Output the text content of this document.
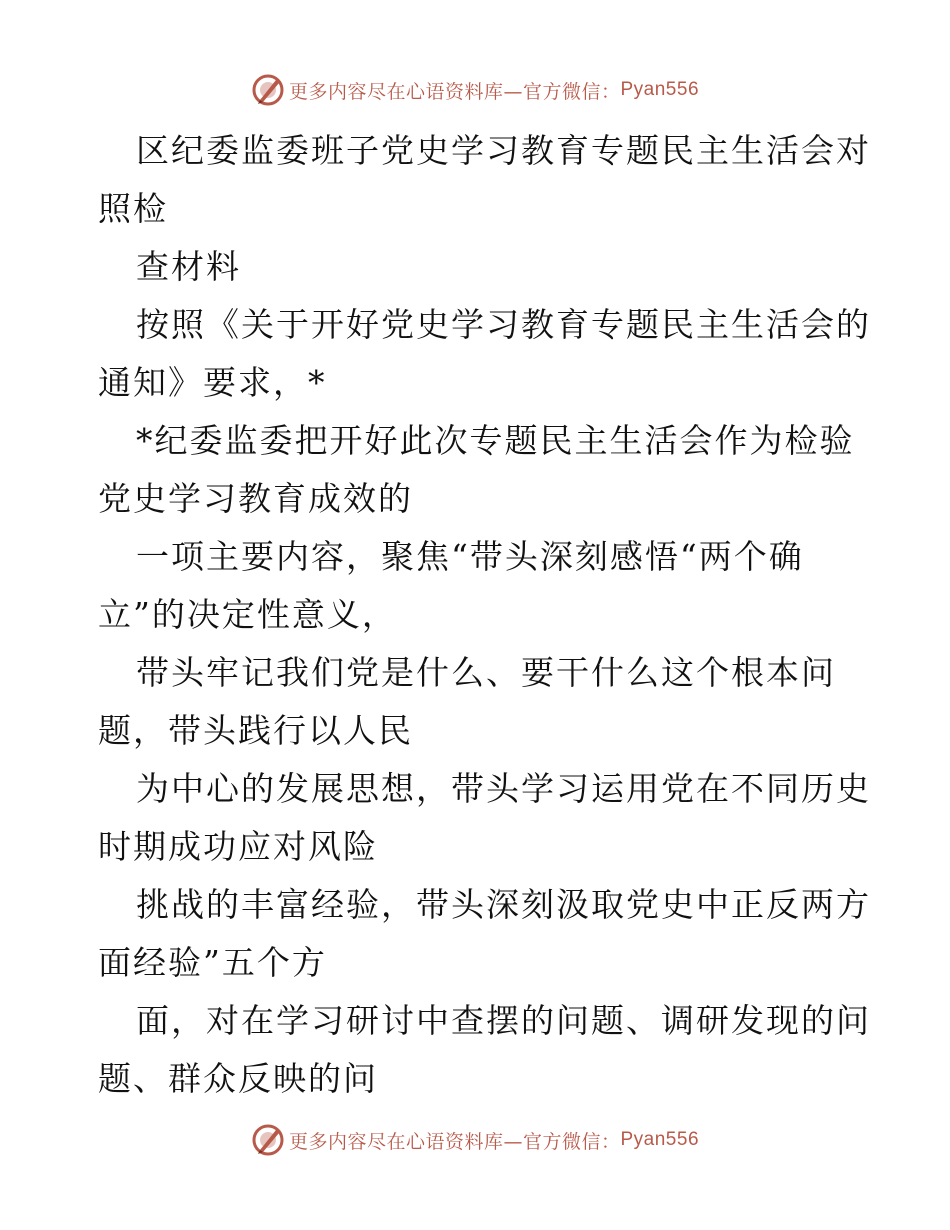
更多内容尽在心语资料库—官方微信： Pyan556
区纪委监委班子党史学习教育专题民主生活会对
照检
查材料
按照《关于开好党史学习教育专题民主生活会的
通知》要求，*
*纪委监委把开好此次专题民主生活会作为检验
党史学习教育成效的
一项主要内容，聚焦“带头深刻感悟“两个确
立”的决定性意义，
带头牢记我们党是什么、要干什么这个根本问
题，带头践行以人民
为中心的发展思想，带头学习运用党在不同历史
时期成功应对风险
挑战的丰富经验，带头深刻汲取党史中正反两方
面经验”五个方
面，对在学习研讨中查摆的问题、调研发现的问
题、群众反映的问
更多内容尽在心语资料库—官方微信： Pyan556
